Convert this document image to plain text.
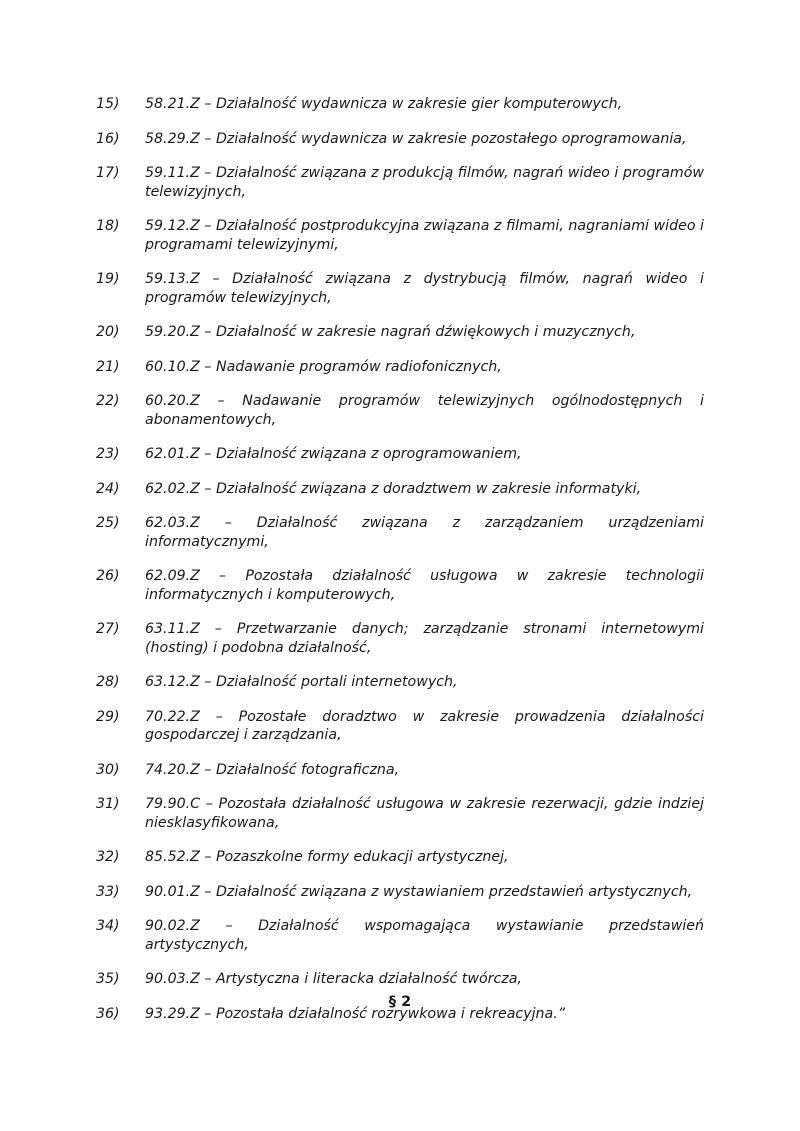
15)	58.21.Z – Działalność wydawnicza w zakresie gier komputerowych,
16)	58.29.Z – Działalność wydawnicza w zakresie pozostałego oprogramowania,
17)	59.11.Z – Działalność związana z produkcją filmów, nagrań wideo i programów telewizyjnych,
18)	59.12.Z – Działalność postprodukcyjna związana z filmami, nagraniami wideo i programami telewizyjnymi,
19)	59.13.Z – Działalność związana z dystrybucją filmów, nagrań wideo i programów telewizyjnych,
20)	59.20.Z – Działalność w zakresie nagrań dźwiękowych i muzycznych,
21)	60.10.Z – Nadawanie programów radiofonicznych,
22)	60.20.Z – Nadawanie programów telewizyjnych ogólnodostępnych i abonamentowych,
23)	62.01.Z – Działalność związana z oprogramowaniem,
24)	62.02.Z – Działalność związana z doradztwem w zakresie informatyki,
25)	62.03.Z – Działalność związana z zarządzaniem urządzeniami informatycznymi,
26)	62.09.Z – Pozostała działalność usługowa w zakresie technologii informatycznych i komputerowych,
27)	63.11.Z – Przetwarzanie danych; zarządzanie stronami internetowymi (hosting) i podobna działalność,
28)	63.12.Z – Działalność portali internetowych,
29)	70.22.Z – Pozostałe doradztwo w zakresie prowadzenia działalności gospodarczej i zarządzania,
30)	74.20.Z – Działalność fotograficzna,
31)	79.90.C – Pozostała działalność usługowa w zakresie rezerwacji, gdzie indziej niesklasyfikowana,
32)	85.52.Z – Pozaszkolne formy edukacji artystycznej,
33)	90.01.Z – Działalność związana z wystawianiem przedstawień artystycznych,
34)	90.02.Z – Działalność wspomagająca wystawianie przedstawień artystycznych,
35)	90.03.Z – Artystyczna i literacka działalność twórcza,
36)	93.29.Z – Pozostała działalność rozrywkowa i rekreacyjna.”
§ 2
